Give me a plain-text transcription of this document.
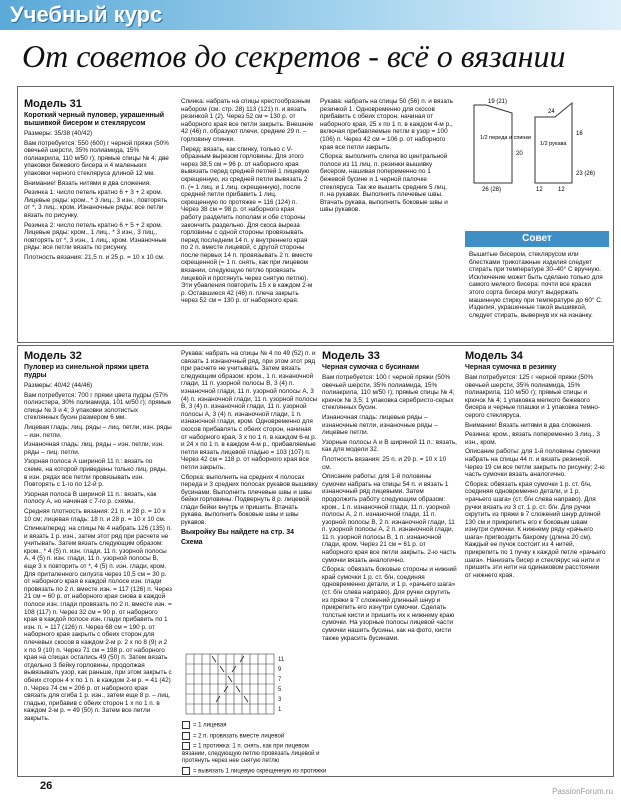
Учебный курс
От советов до секретов - всё о вязании

Модель 31

Короткий черный пуловер, украшенный вышивкой бисером и стеклярусом

Размеры: 35/38 (40/42)

Вам потребуется: 550 (600) г черной пряжи (50% овечьей шерсти, 35% полиамида, 15% полиакрила, 110 м/50 г); прямые спицы № 4; две упаковки бежевого бисера и 4 маленьких упаковки черного стекляруса длиной 12 мм.

Внимание! Вязать нитями в два сложения.

Резинка 1: число петель кратно 6 + 3 + 2 кром. Лицевые ряды: кром., * 3 лиц., 3 изн., повторять от *, 3 лиц., кром. Изнаночные ряды: все петли вязать по рисунку.

Резинка 2: число петель кратно 6 + 5 + 2 кром. Лицевые ряды: кром., 1 лиц., * 3 изн., 3 лиц., повторять от *, 3 изн., 1 лиц., кром. Изнаночные ряды: все петли вязать по рисунку.

Плотность вязания: 21,5 п. и 25 р. = 10 х 10 см.

Спинка: набрать на спицы крестообразным набором (см. стр. 28) 113 (121) п. и вязать резинкой 1 (2). Через 52 см = 130 р. от наборного края все петли закрыть. Внешние 42 (46) п. образуют плечи, средние 29 п. – горловину спинки.

Перед: вязать, как спинку, только с V-образным вырезом горловины. Для этого через 38,5 см = 96 р. от наборного края вывязать перед средней петлей 1 лицевую скрещенную, из средней петли вывязать 2 п. (= 1 лиц. и 1 лиц. скрещенную), после средней петли прибавить 1 лиц. скрещенную по протяжке = 116 (124) п. Через 38 см = 98 р. от наборного края работу разделить пополам и обе стороны закончить раздельно. Для скоса выреза горловины с одной стороны провязывать перед последним 14 п. у внутреннего края по 2 п. вместе лицевой, с другой стороны после первых 14 п. провязывать 2 п. вместе скрещенной (= 1 п. снять, как при лицевом вязании, следующую петлю провязать лицевой и протянуть через снятую петлю). Эти убавления повторить 15 х в каждом 2-м р. Оставшиеся 42 (46) п. плеча закрыть через 52 см = 130 р. от наборного края.

Рукава: набрать на спицы 50 (56) п. и вязать резинкой 1. Одновременно для скосов прибавить с обеих сторон, начиная от наборного края, 25 х по 1 п. в каждом 4-м р., включая прибавляемые петли в узор = 100 (106) п. Через 42 см = 106 р. от наборного края все петли закрыть.

Сборка: выполнить слегка во центральной полосе из 11 лиц. п. резинки вышивку бисером, нашивая попеременно по 1 бежевой бусине и 1 черной палочке стекляруса. Так же вышить средние 5 лиц. п. на рукавах. Выполнить плечевые швы. Втачать рукава, выполнить боковые швы и швы рукавов.

19 (21)
1/2 переда и спинки
20
1/2 рукава
26 (28)
24
16
23 (26)
12	12
Совет
Вышитые бисером, стеклярусом или блестками трикотажные изделия следует стирать при температуре 30–40° С вручную. Исключение может быть сделано только для самого мелкого бисера: почти все краски этого сорта бисера могут выдержать машинную стирку при температуре до 60° С. Изделия, украшенные такой вышивкой, следует стирать, вывернув их на изнанку.

Модель 32

Пуловер из синельной пряжи цвета пудры

Размеры: 40/42 (44/46)

Вам потребуется: 700 г пряжи цвета пудры (57% полиэстера, 30% полиамида, 101 м/50 г); прямые спицы № 3 и 4; 3 упаковки золотистых стеклянных бусин размером 6 мм.

Лицевая гладь: лиц. ряды – лиц. петли, изн. ряды – изн. петли.

Изнаночная гладь: лиц. ряды – изн. петли, изн. ряды – лиц. петли.

Узорная полоса А шириной 11 п.: вязать по схеме, на которой приведены только лиц. ряды, в изн. рядах все петли провязывать изн. Повторять с 1-го по 12-й р.

Узорная полоса В шириной 11 п.: вязать, как полосу А, но начиная с 7-го р. схемы.

Средняя плотность вязания: 21 п. и 28 р. = 10 х 10 см; лицевая гладь: 18 п. и 28 р. = 10 х 10 см.

Спинка/перед: на спицы № 4 набрать 126 (135) п. и вязать 1 р. изн., затем этот ряд при расчете не учитывать. Затем вязать следующим образом: кром., * 4 (5) п. изн. глади, 11 п. узорной полосы А, 4 (5) п. изн. глади, 11 п. узорной полосы В, еще 3 х повторить от *, 4 (5) п. изн. глади, кром. Для приталенного силуэта через 10,5 см = 30 р. от наборного края в каждой полосе изн. глади провязать по 2 п. вместе изн. = 117 (126) п. Через 21 см = 60 р. от наборного края снова в каждой полосе изн. глади провязать по 2 п. вместе изн. = 108 (117) п. Через 32 см = 90 р. от наборного края в каждой полосе изн. глади прибавить по 1 изн. п. = 117 (126) п. Через 68 см = 190 р. от наборного края закрыть с обеих сторон для плечевых скосов в каждом 2-м р. 2 х по 8 (9) и 2 х по 9 (10) п. Через 71 см = 198 р. от наборного края на спицах остались 49 (50) п. Затем вязать отдельно 3 бейку горловины, продолжая вывязывать узор, как раньше, при этом закрыть с обеих сторон 4 х по 1 п. в каждом 2-м р. = 41 (42) п. Через 74 см = 206 р. от наборного края связать для сгиба 1 р. изн., затем еще 8 р. – лиц. гладью, прибавив с обеих сторон 1 х по 1 п. в каждом 2-м р. = 49 (50) п. Затем все петли закрыть.

Рукава: набрать на спицы № 4 по 49 (52) п. и связать 1 изнаночный ряд, при этом этот ряд при расчете не учитывать. Затем вязать следующим образом: кром., 1 п. изнаночной глади, 11 п. узорной полосы В, 3 (4) п. изнаночной глади, 11 п. узорной полосы А, 3 (4) п. изнаночной глади, 11 п. узорной полосы В, 3 (4) п. изнаночной глади, 11 п. узорной полосы А, 3 (4) п. изнаночной глади, 1 п. изнаночной глади, кром. Одновременно для скосов прибавлять с обеих сторон, начиная от наборного края, 3 х по 1 п. в каждом 6-м р. и 24 х по 1 п. в каждом 4-м р., прибавляемые петли вязать лицевой гладью = 103 (107) п. Через 42 см = 118 р. от наборного края все петли закрыть.

Сборка: выполнить на средних 4 полосах переда и 3 средних полосах рукавов вышивку бусинами. Выполнить плечевые швы и швы бейки горловины. Подвернуть 8 р. лицевой глади бейки внутрь и пришить. Втачать рукава, выполнить боковые швы и швы рукавов.

Выкройку Вы найдете на стр. 34

Схема

11
9
7
5
3
1
= 1 лицевая
= 2 п. провязать вместе лицевой
= 1 протяжка: 1 п. снять, как при лицевом вязании, следующую петлю провязать лицевой и протянуть через нее снятую петлю
= вывязать 1 лицевую скрещенную из протяжки

Модель 33

Черная сумочка с бусинами

Вам потребуется: 100 г черной пряжи (50% овечьей шерсти, 35% полиамида, 15% полиакрила, 110 м/50 г); прямые спицы № 4; крючок № 3,5; 1 упаковка серебристо-серых стеклянных бусин.

Изнаночная гладь: лицевые ряды – изнаночные петли, изнаночные ряды – лицевые петли.

Узорные полосы А и В шириной 11 п.: вязать, как для модели 32.

Плотность вязания: 25 п. и 29 р. = 10 х 10 см.

Описание работы: для 1-й половины сумочки набрать на спицы 54 п. и вязать 1 изнаночный ряд лицевыми. Затем продолжить работу следующим образом: кром., 1 п. изнаночной глади, 11 п. узорной полосы А, 2 п. изнаночной глади, 11 п. узорной полосы В, 2 п. изнаночной глади, 11 п. узорной полосы А, 2 п. изнаночной глади, 11 п. узорной полосы В, 1 п. изнаночной глади, кром. Через 21 см = 61 р. от наборного края все петли закрыть. 2-ю часть сумочки вязать аналогично.

Сборка: обвязать боковые стороны и нижний край сумочки 1 р. ст. б/н, соединяя одновременно детали, и 1 р. «рачьего шага» (ст. б/н слева направо). Для ручки скрутить из пряжи в 7 сложений длинный шнур и прикрепить его изнутри сумочки. Сделать толстые кисти и пришить их к нижнему краю сумочки. На узорные полосы лицевой части сумочки нашить бусины, как на фото, кисти также украсить бусинами.

Модель 34

Черная сумочка в резинку

Вам потребуется: 125 г черной пряжи (50% овечьей шерсти, 35% полиамида, 15% полиакрила, 110 м/50 г); прямые спицы и крючок № 4; 1 упаковка мелкого бежевого бисера и черные плашки и 1 упаковка темно-серого стекляруса.

Внимание! Вязать нитями в два сложения.

Резинка: кром., вязать попеременно 3 лиц., 3 изн., кром.

Описание работы: для 1-й половины сумочки набрать на спицы 44 п. и вязать резинкой. Через 19 см все петли закрыть по рисунку; 2-ю часть сумочки вязать аналогично.

Сборка: обвязать края сумочки 1 р. ст. б/н, соединяя одновременно детали, и 1 р. «рачьего шага» (ст. б/н слева направо). Для ручки вязать из 3 ст. 1 р. ст. б/н. Для ручки скрутить из пряжи в 7 сложений шнур длиной 130 см и прикрепить его к боковым швам изнутри сумочки. К нижнему ряду «рачьего шага» пригвоздить бахрому (длина 20 см). Каждый ее пучок состоит из 4 нитей, прикрепить по 1 пучку к каждой петле «рачьего шага». Нанизать бисер и стеклярус на нити и пришить эти нити на одинаковом расстоянии от нижнего края.

26	PassionForum.ru
